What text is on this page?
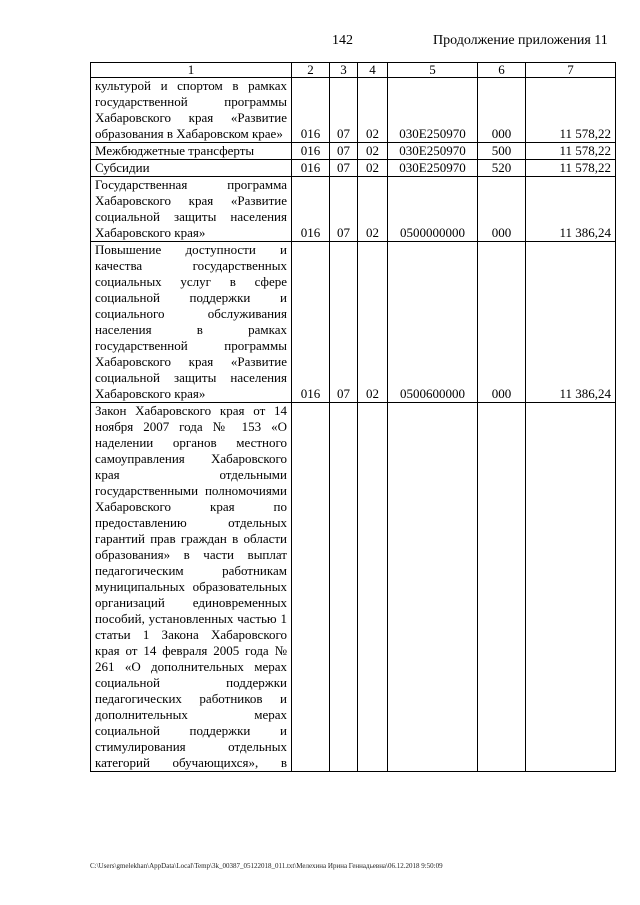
142	Продолжение приложения 11
1	2	3	4	5	6	7
культурой и спортом в рамках государственной программы Хабаровского края «Развитие образования в Хабаровском крае»	016	07	02	030E250970	000	11 578,22
Межбюджетные трансферты	016	07	02	030E250970	500	11 578,22
Субсидии	016	07	02	030E250970	520	11 578,22
Государственная программа Хабаровского края «Развитие социальной защиты населения Хабаровского края»	016	07	02	0500000000	000	11 386,24
Повышение доступности и качества государственных социальных услуг в сфере социальной поддержки и социального обслуживания населения в рамках государственной программы Хабаровского края «Развитие социальной защиты населения Хабаровского края»	016	07	02	0500600000	000	11 386,24
Закон Хабаровского края от 14 ноября 2007 года № 153 «О наделении органов местного самоуправления Хабаровского края отдельными государственными полномочиями Хабаровского края по предоставлению отдельных гарантий прав граждан в области образования» в части выплат педагогическим работникам муниципальных образовательных организаций единовременных пособий, установленных частью 1 статьи 1 Закона Хабаровского края от 14 февраля 2005 года № 261 «О дополнительных мерах социальной поддержки педагогических работников и дополнительных мерах социальной поддержки и стимулирования отдельных категорий обучающихся», в						
C:\Users\gmelekhan\AppData\Local\Temp\3k_00387_05122018_011.txt\Мелехина Ирина Геннадьевна\06.12.2018 9:50:09
